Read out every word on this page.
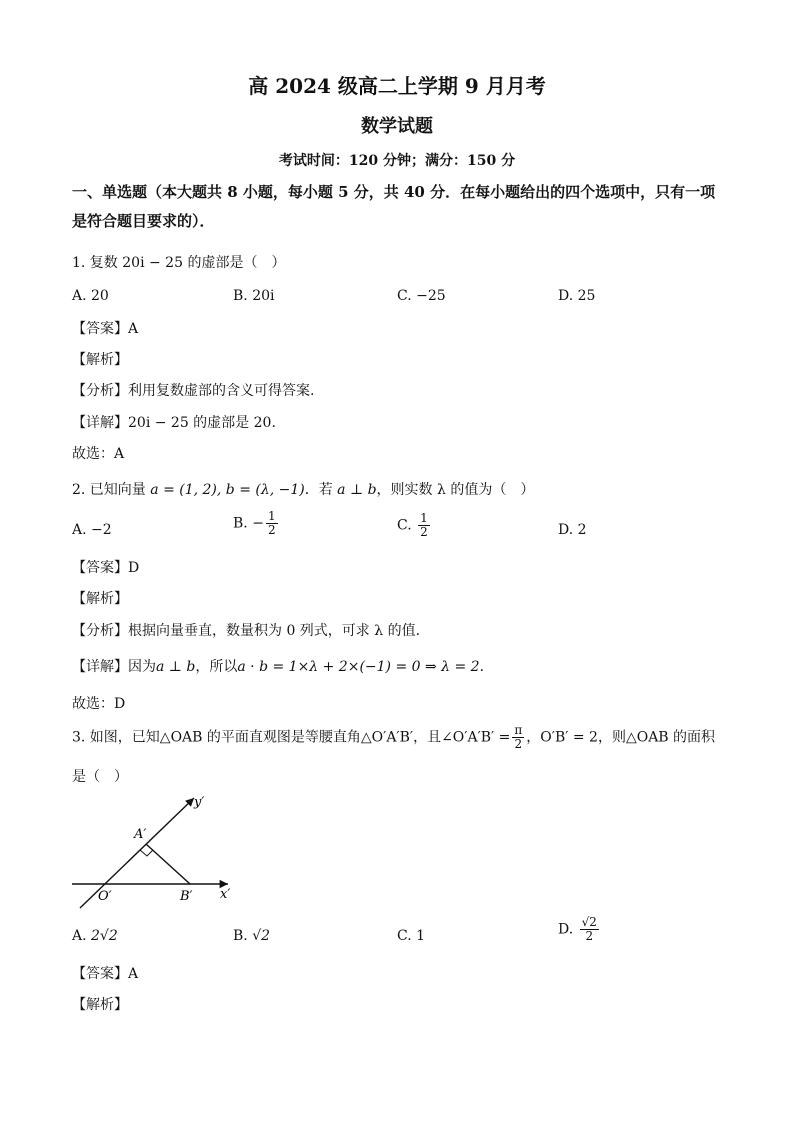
高 2024 级高二上学期 9 月月考
数学试题
考试时间：120 分钟；满分：150 分
一、单选题（本大题共 8 小题，每小题 5 分，共 40 分．在每小题给出的四个选项中，只有一项是符合题目要求的）．
1. 复数 20i − 25 的虚部是（　）
A. 20	B. 20i	C. −25	D. 25
【答案】A
【解析】
【分析】利用复数虚部的含义可得答案.
【详解】20i − 25 的虚部是 20.
故选：A
2. 已知向量 a = (1, 2), b = (λ, −1)．若 a ⊥ b，则实数 λ 的值为（　）
A. −2	B. − $\frac{1}{2}$	C. $\frac{1}{2}$	D. 2
【答案】D
【解析】
【分析】根据向量垂直，数量积为 0 列式，可求 λ 的值.
【详解】因为a ⊥ b，所以a · b = 1×λ + 2×(−1) = 0 ⇒ λ = 2．
故选：D
3. 如图，已知△OAB 的平面直观图是等腰直角△O′A′B′，且∠O′A′B′ = $\frac{\pi}{2}$ ，O′B′ = 2，则△OAB 的面积
是（　）
y′
x′
A′
O′	B′
A. 2√2	B. √2	C. 1	D. $\frac{√2}{2}$
【答案】A
【解析】
